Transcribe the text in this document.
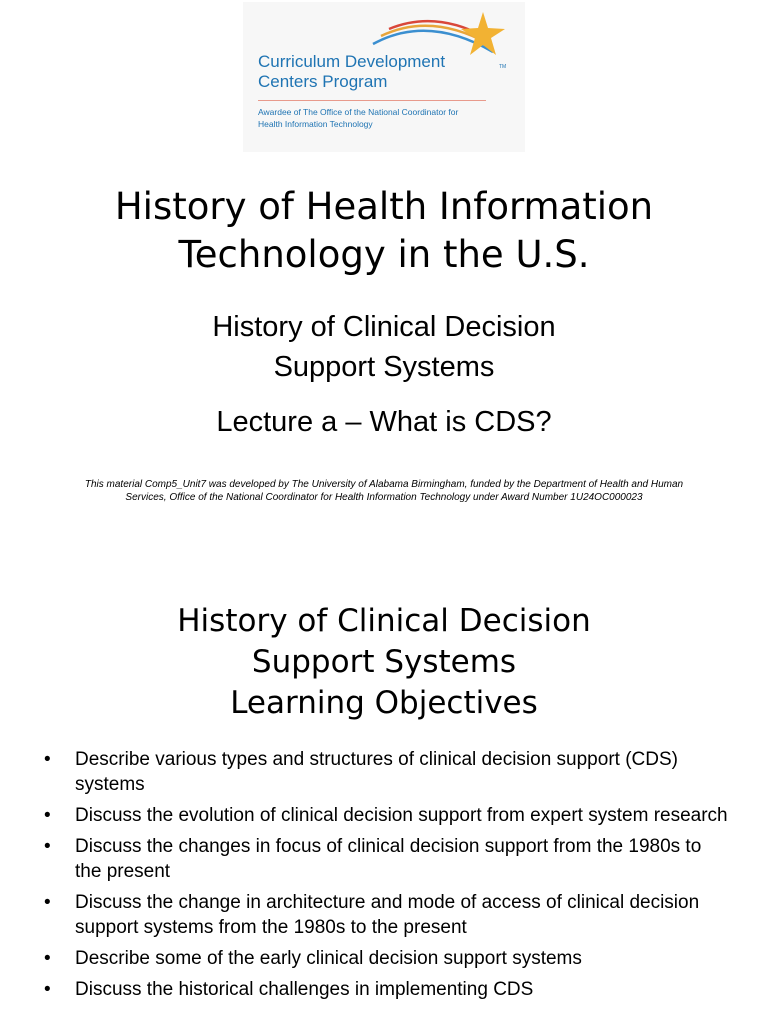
Curriculum Development
Centers Program

TM

Awardee of The Office of the National Coordinator for
Health Information Technology

History of Health Information
Technology in the U.S.
History of Clinical Decision
Support Systems

Lecture a – What is CDS?

This material Comp5_Unit7 was developed by The University of Alabama Birmingham, funded by the Department of Health and Human Services, Office of the National Coordinator for Health Information Technology under Award Number 1U24OC000023

History of Clinical Decision
Support Systems
Learning Objectives
• Describe various types and structures of clinical decision support (CDS) systems
• Discuss the evolution of clinical decision support from expert system research
• Discuss the changes in focus of clinical decision support from the 1980s to the present
• Discuss the change in architecture and mode of access of clinical decision support systems from the 1980s to the present
• Describe some of the early clinical decision support systems
• Discuss the historical challenges in implementing CDS
